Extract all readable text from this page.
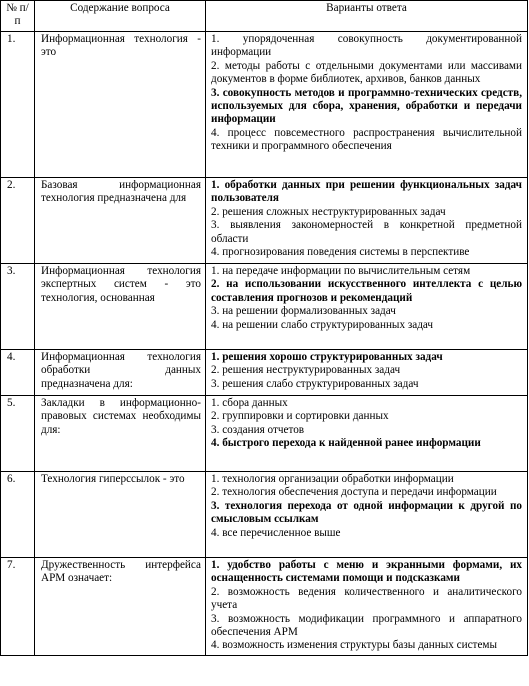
№ п/п	Содержание вопроса	Варианты ответа
1.	Информационная технология - это	1. упорядоченная совокупность документированной информации
2. методы работы с отдельными документами или массивами документов в форме библиотек, архивов, банков данных
3. совокупность методов и программно-технических средств, используемых для сбора, хранения, обработки и передачи информации
4. процесс повсеместного распространения вычислительной техники и программного обеспечения

2.	Базовая информационная технология предназначена для	1. обработки данных при решении функциональных задач пользователя
2. решения сложных неструктурированных задач
3. выявления закономерностей в конкретной предметной области
4. прогнозирования поведения системы в перспективе

3.	Информационная технология экспертных систем - это технология, основанная	1. на передаче информации по вычислительным сетям
2. на использовании искусственного интеллекта с целью составления прогнозов и рекомендаций
3. на решении формализованных задач
4. на решении слабо структурированных задач

4.	Информационная технология обработки данных предназначена для:	1. решения хорошо структурированных задач
2. решения неструктурированных задач
3. решения слабо структурированных задач

5.	Закладки в информационно-правовых системах необходимы для:	1. сбора данных
2. группировки и сортировки данных
3. создания отчетов
4. быстрого перехода к найденной ранее информации

6.	Технология гиперссылок - это	1. технология организации обработки информации
2. технология обеспечения доступа и передачи информации
3. технология перехода от одной информации к другой по смысловым ссылкам
4. все перечисленное выше

7.	Дружественность интерфейса АРМ означает:	1. удобство работы с меню и экранными формами, их оснащенность системами помощи и подсказками
2. возможность ведения количественного и аналитического учета
3. возможность модификации программного и аппаратного обеспечения АРМ
4. возможность изменения структуры базы данных системы
